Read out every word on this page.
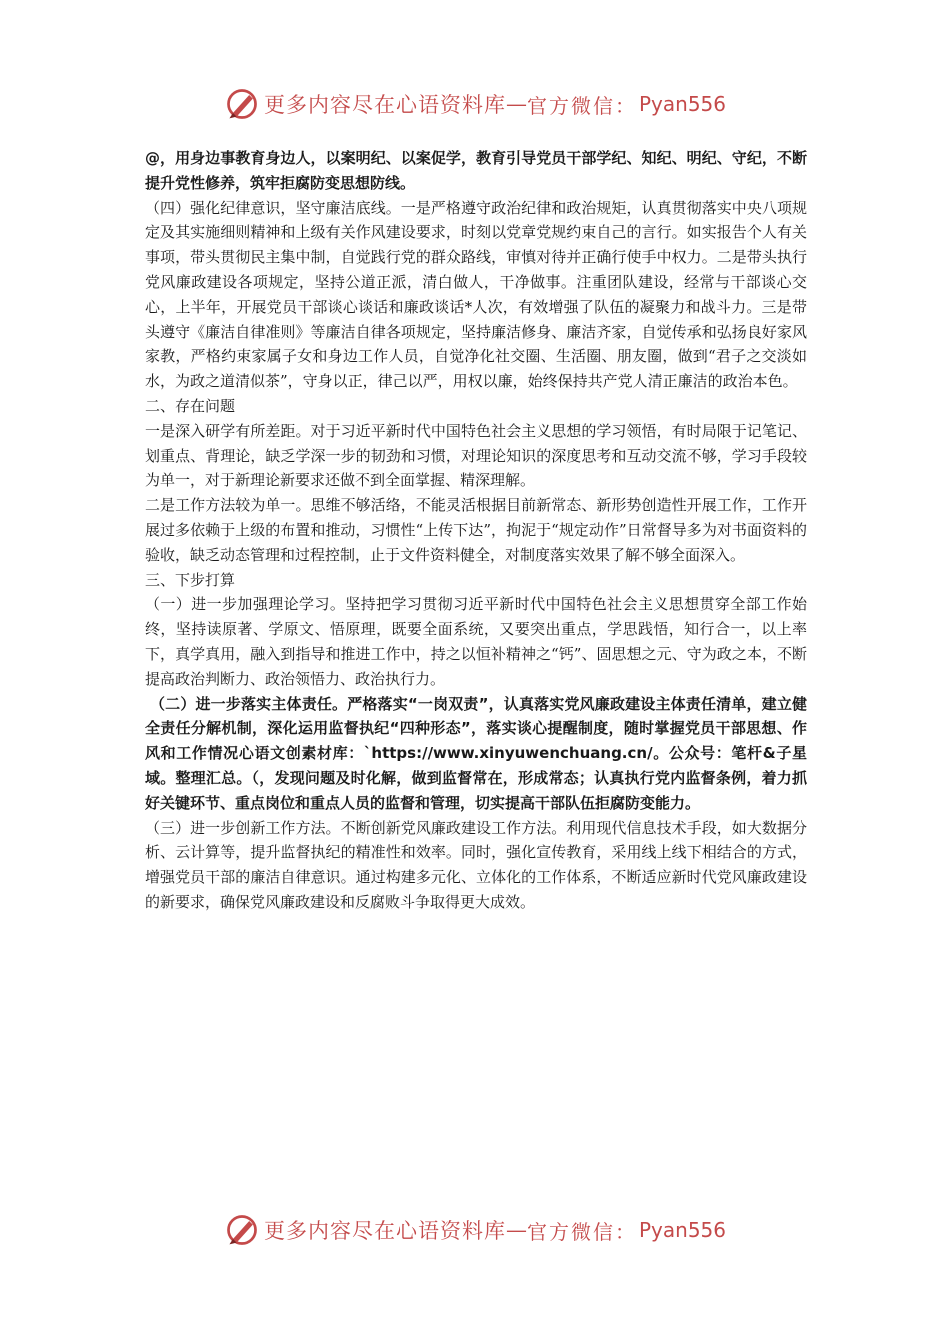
更多内容尽在心语资料库 — 官方微信： Pyan556

@，用身边事教育身边人，以案明纪、以案促学，教育引导党员干部学纪、知纪、明纪、守纪，不断提升党性修养，筑牢拒腐防变思想防线。

（四）强化纪律意识，坚守廉洁底线。一是严格遵守政治纪律和政治规矩，认真贯彻落实中央八项规定及其实施细则精神和上级有关作风建设要求，时刻以党章党规约束自己的言行。如实报告个人有关事项，带头贯彻民主集中制，自觉践行党的群众路线，审慎对待并正确行使手中权力。二是带头执行党风廉政建设各项规定，坚持公道正派，清白做人，干净做事。注重团队建设，经常与干部谈心交心，上半年，开展党员干部谈心谈话和廉政谈话*人次，有效增强了队伍的凝聚力和战斗力。三是带头遵守《廉洁自律准则》等廉洁自律各项规定，坚持廉洁修身、廉洁齐家，自觉传承和弘扬良好家风家教，严格约束家属子女和身边工作人员，自觉净化社交圈、生活圈、朋友圈，做到“君子之交淡如水，为政之道清似茶”，守身以正，律己以严，用权以廉，始终保持共产党人清正廉洁的政治本色。

二、存在问题

一是深入研学有所差距。对于习近平新时代中国特色社会主义思想的学习领悟，有时局限于记笔记、划重点、背理论，缺乏学深一步的韧劲和习惯，对理论知识的深度思考和互动交流不够，学习手段较为单一，对于新理论新要求还做不到全面掌握、精深理解。

二是工作方法较为单一。思维不够活络，不能灵活根据目前新常态、新形势创造性开展工作，工作开展过多依赖于上级的布置和推动，习惯性“上传下达”，拘泥于“规定动作”日常督导多为对书面资料的验收，缺乏动态管理和过程控制，止于文件资料健全，对制度落实效果了解不够全面深入。

三、下步打算

（一）进一步加强理论学习。坚持把学习贯彻习近平新时代中国特色社会主义思想贯穿全部工作始终，坚持读原著、学原文、悟原理，既要全面系统，又要突出重点，学思践悟，知行合一，以上率下，真学真用，融入到指导和推进工作中，持之以恒补精神之“钙”、固思想之元、守为政之本，不断提高政治判断力、政治领悟力、政治执行力。

（二）进一步落实主体责任。严格落实“一岗双责”，认真落实党风廉政建设主体责任清单，建立健全责任分解机制，深化运用监督执纪“四种形态”，落实谈心提醒制度，随时掌握党员干部思想、作风和工作情况心语文创素材库：`https://www.xinyuwenchuang.cn/。公众号：笔杆&子星域。整理汇总。（，发现问题及时化解，做到监督常在，形成常态；认真执行党内监督条例，着力抓好关键环节、重点岗位和重点人员的监督和管理，切实提高干部队伍拒腐防变能力。

（三）进一步创新工作方法。不断创新党风廉政建设工作方法。利用现代信息技术手段，如大数据分析、云计算等，提升监督执纪的精准性和效率。同时，强化宣传教育，采用线上线下相结合的方式，增强党员干部的廉洁自律意识。通过构建多元化、立体化的工作体系，不断适应新时代党风廉政建设的新要求，确保党风廉政建设和反腐败斗争取得更大成效。

更多内容尽在心语资料库 — 官方微信： Pyan556
